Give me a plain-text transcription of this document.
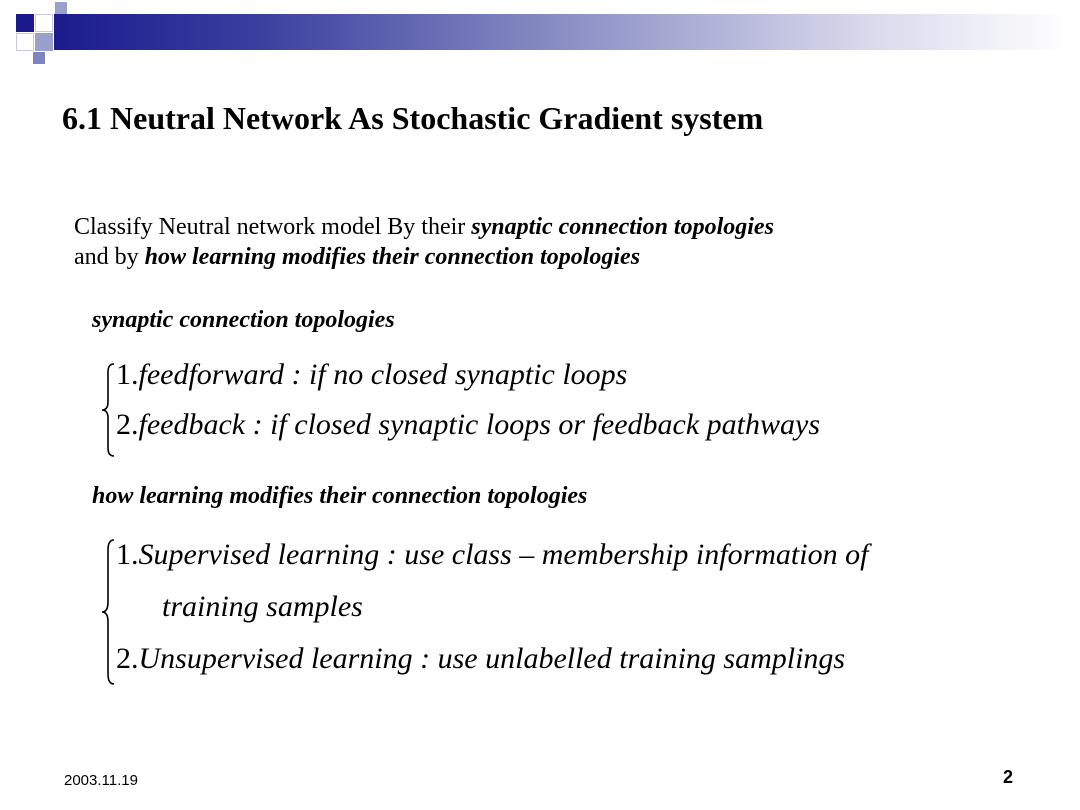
6.1 Neutral Network As Stochastic Gradient system
Classify Neutral network model By their synaptic connection topologies
and by how learning modifies their connection topologies
synaptic connection topologies
1.feedforward : if no closed synaptic loops
2.feedback : if closed synaptic loops or feedback pathways
how learning modifies their connection topologies
1.Supervised learning : use class – membership information of
training samples
2.Unsupervised learning : use unlabelled training samplings
2003.11.19	2
